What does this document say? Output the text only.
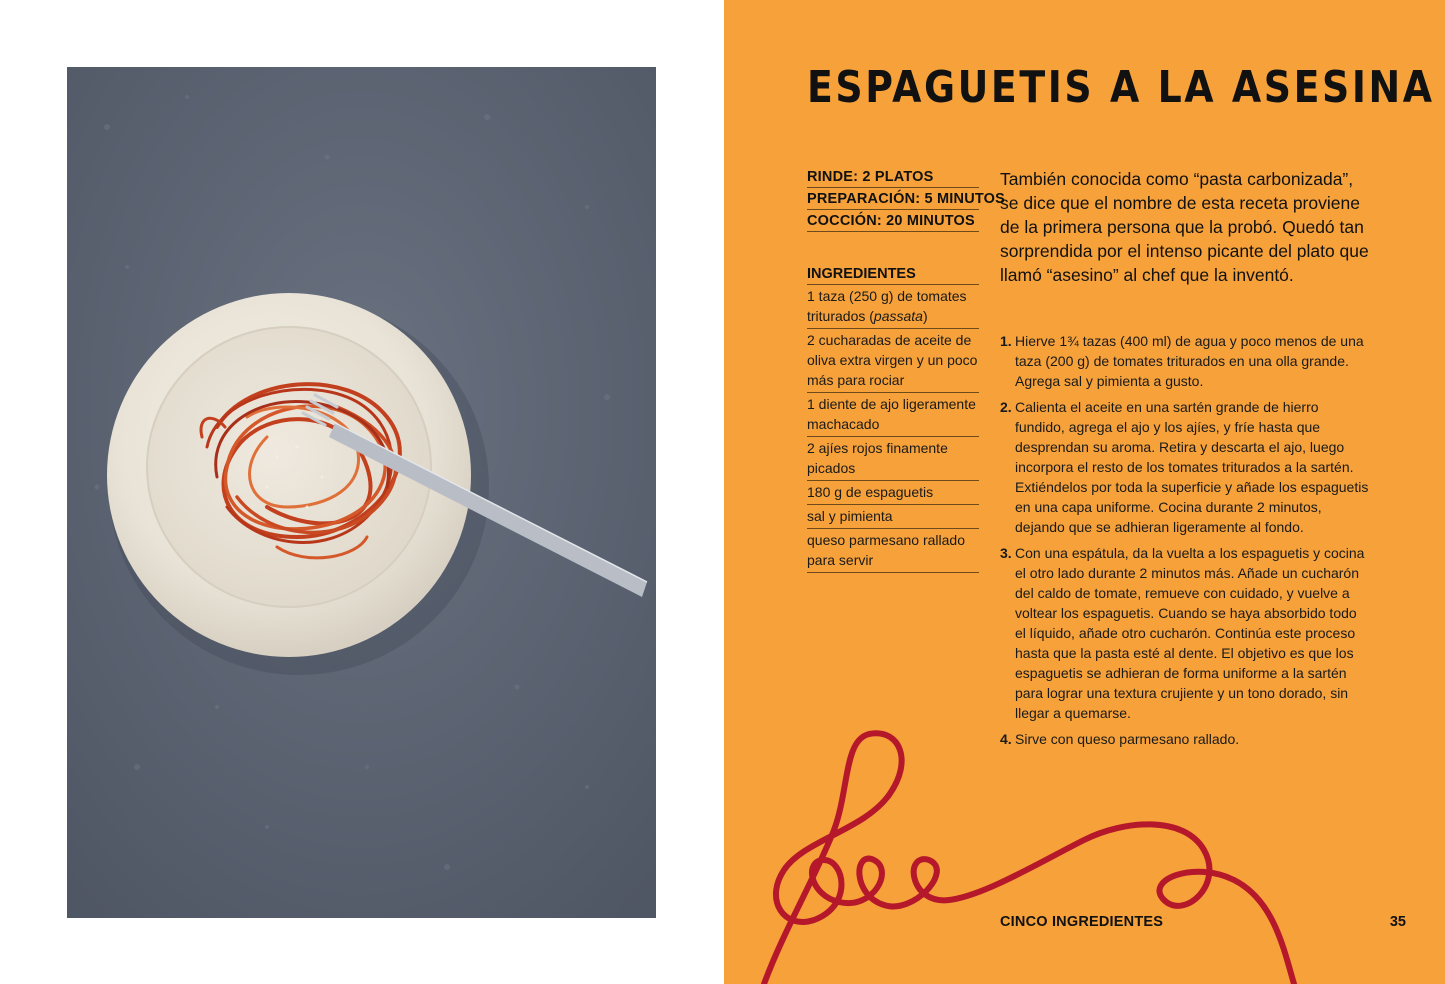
ESPAGUETIS A LA ASESINA
RINDE: 2 PLATOS
PREPARACIÓN: 5 MINUTOS
COCCIÓN: 20 MINUTOS
INGREDIENTES
1 taza (250 g) de tomates triturados (passata)
2 cucharadas de aceite de oliva extra virgen y un poco más para rociar
1 diente de ajo ligeramente machacado
2 ajíes rojos finamente picados
180 g de espaguetis
sal y pimienta
queso parmesano rallado para servir

También conocida como “pasta carbonizada”, se dice que el nombre de esta receta proviene de la primera persona que la probó. Quedó tan sorprendida por el intenso picante del plato que llamó “asesino” al chef que la inventó.

1. Hierve 1¾ tazas (400 ml) de agua y poco menos de una taza (200 g) de tomates triturados en una olla grande. Agrega sal y pimienta a gusto.
2. Calienta el aceite en una sartén grande de hierro fundido, agrega el ajo y los ajíes, y fríe hasta que desprendan su aroma. Retira y descarta el ajo, luego incorpora el resto de los tomates triturados a la sartén. Extiéndelos por toda la superficie y añade los espaguetis en una capa uniforme. Cocina durante 2 minutos, dejando que se adhieran ligeramente al fondo.
3. Con una espátula, da la vuelta a los espaguetis y cocina el otro lado durante 2 minutos más. Añade un cucharón del caldo de tomate, remueve con cuidado, y vuelve a voltear los espaguetis. Cuando se haya absorbido todo el líquido, añade otro cucharón. Continúa este proceso hasta que la pasta esté al dente. El objetivo es que los espaguetis se adhieran de forma uniforme a la sartén para lograr una textura crujiente y un tono dorado, sin llegar a quemarse.
4. Sirve con queso parmesano rallado.
CINCO INGREDIENTES	35
